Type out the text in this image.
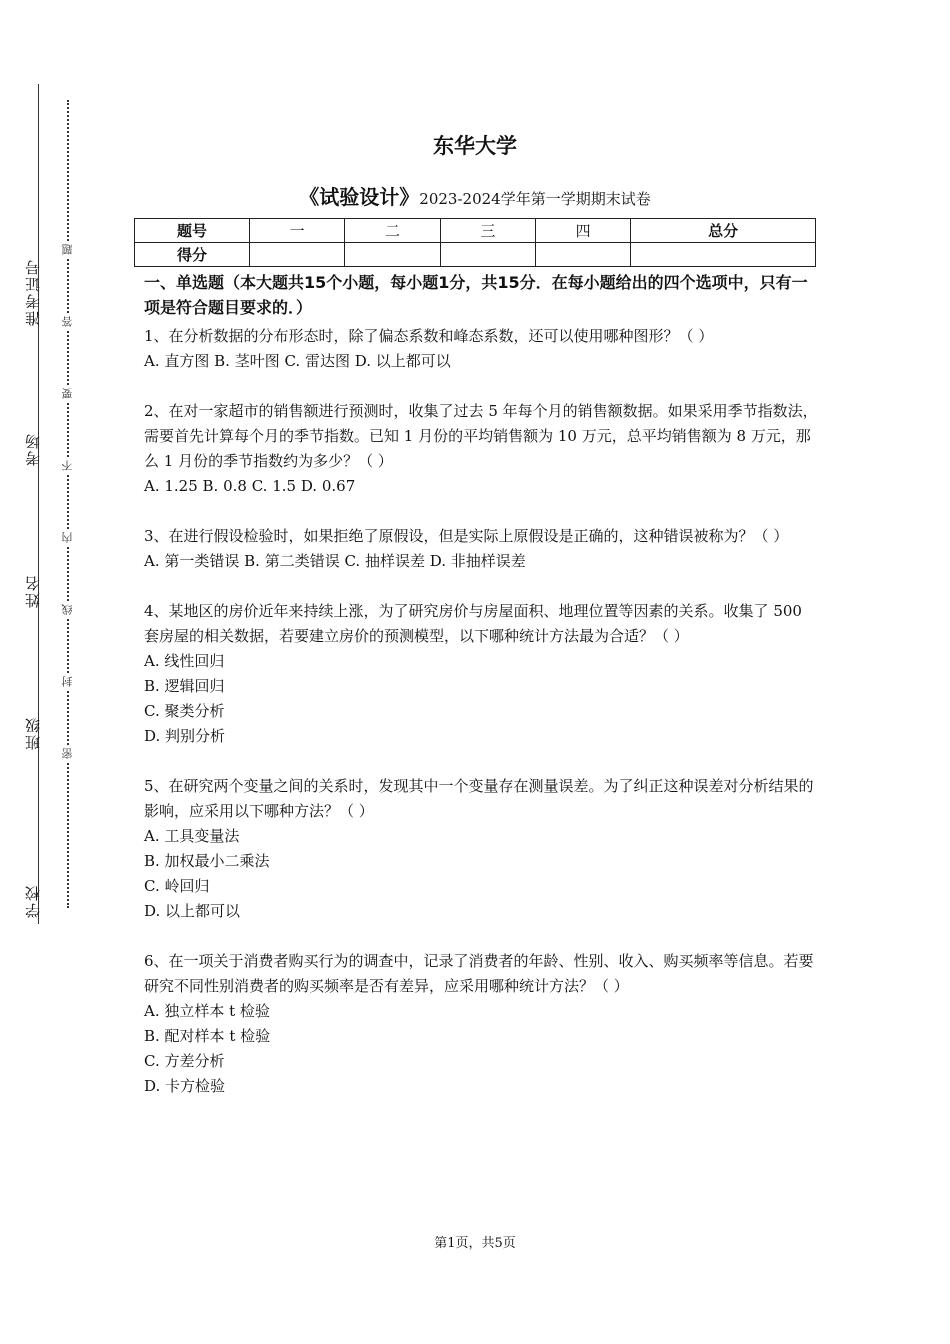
准考证号
考场
姓名
班级
学校
题
答
要
不
内
线
封
密
东华大学
《试验设计》2023-2024学年第一学期期末试卷
题号	一	二	三	四	总分
得分					

一、单选题（本大题共15个小题，每小题1分，共15分．在每小题给出的四个选项中，只有一项是符合题目要求的．）

1、在分析数据的分布形态时，除了偏态系数和峰态系数，还可以使用哪种图形？（ ）

A. 直方图 B. 茎叶图 C. 雷达图 D. 以上都可以

2、在对一家超市的销售额进行预测时，收集了过去 5 年每个月的销售额数据。如果采用季节指数法，需要首先计算每个月的季节指数。已知 1 月份的平均销售额为 10 万元，总平均销售额为 8 万元，那么 1 月份的季节指数约为多少？（ ）

A. 1.25 B. 0.8 C. 1.5 D. 0.67

3、在进行假设检验时，如果拒绝了原假设，但是实际上原假设是正确的，这种错误被称为？（ ）

A. 第一类错误 B. 第二类错误 C. 抽样误差 D. 非抽样误差

4、某地区的房价近年来持续上涨，为了研究房价与房屋面积、地理位置等因素的关系。收集了 500 套房屋的相关数据，若要建立房价的预测模型，以下哪种统计方法最为合适？（ ）

A. 线性回归

B. 逻辑回归

C. 聚类分析

D. 判别分析

5、在研究两个变量之间的关系时，发现其中一个变量存在测量误差。为了纠正这种误差对分析结果的影响，应采用以下哪种方法？（ ）

A. 工具变量法

B. 加权最小二乘法

C. 岭回归

D. 以上都可以

6、在一项关于消费者购买行为的调查中，记录了消费者的年龄、性别、收入、购买频率等信息。若要研究不同性别消费者的购买频率是否有差异，应采用哪种统计方法？（ ）

A. 独立样本 t 检验

B. 配对样本 t 检验

C. 方差分析

D. 卡方检验

第1页，共5页
